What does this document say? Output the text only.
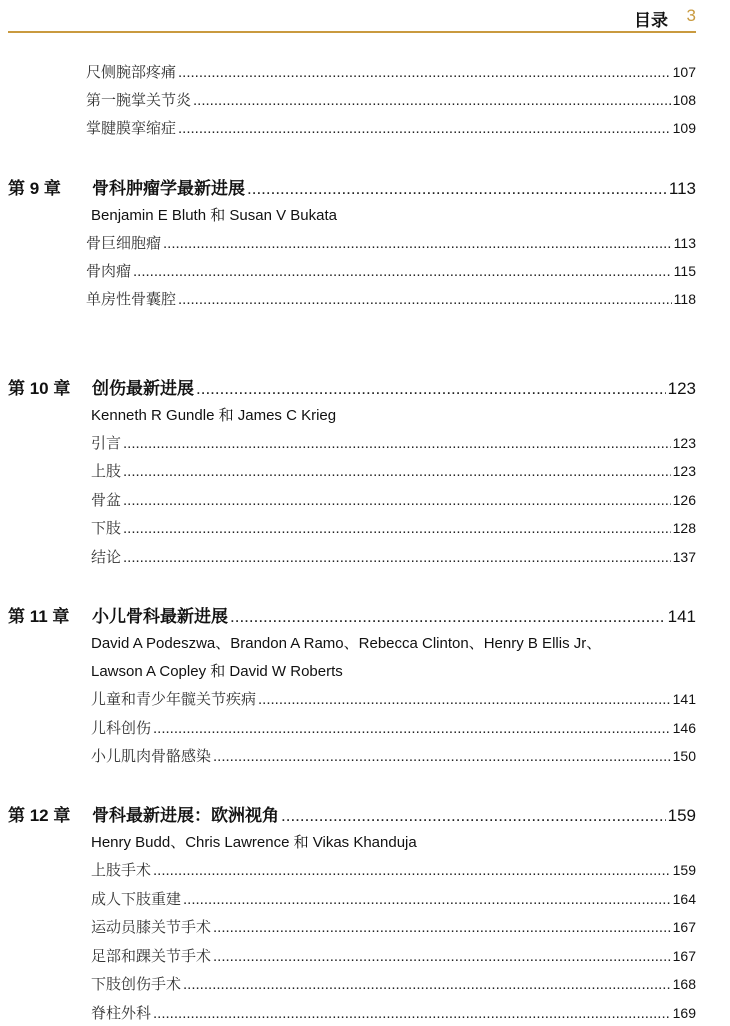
目录 3
尺侧腕部疼痛 .....	107
第一腕掌关节炎 .....	108
掌腱膜挛缩症 .....	109
第 9 章	骨科肿瘤学最新进展 .....	113
Benjamin E Bluth 和 Susan V Bukata
骨巨细胞瘤 .....	113
骨肉瘤 .....	115
单房性骨囊腔 .....	118
第 10 章	创伤最新进展 .....	123
Kenneth R Gundle 和 James C Krieg
引言 .....	123
上肢 .....	123
骨盆 .....	126
下肢 .....	128
结论 .....	137
第 11 章	小儿骨科最新进展 .....	141
David A Podeszwa、Brandon A Ramo、Rebecca Clinton、Henry B Ellis Jr、
Lawson A Copley 和 David W Roberts
儿童和青少年髋关节疾病 .....	141
儿科创伤 .....	146
小儿肌肉骨骼感染 .....	150
第 12 章	骨科最新进展：欧洲视角 .....	159
Henry Budd、Chris Lawrence 和 Vikas Khanduja
上肢手术 .....	159
成人下肢重建 .....	164
运动员膝关节手术 .....	167
足部和踝关节手术 .....	167
下肢创伤手术 .....	168
脊柱外科 .....	169
